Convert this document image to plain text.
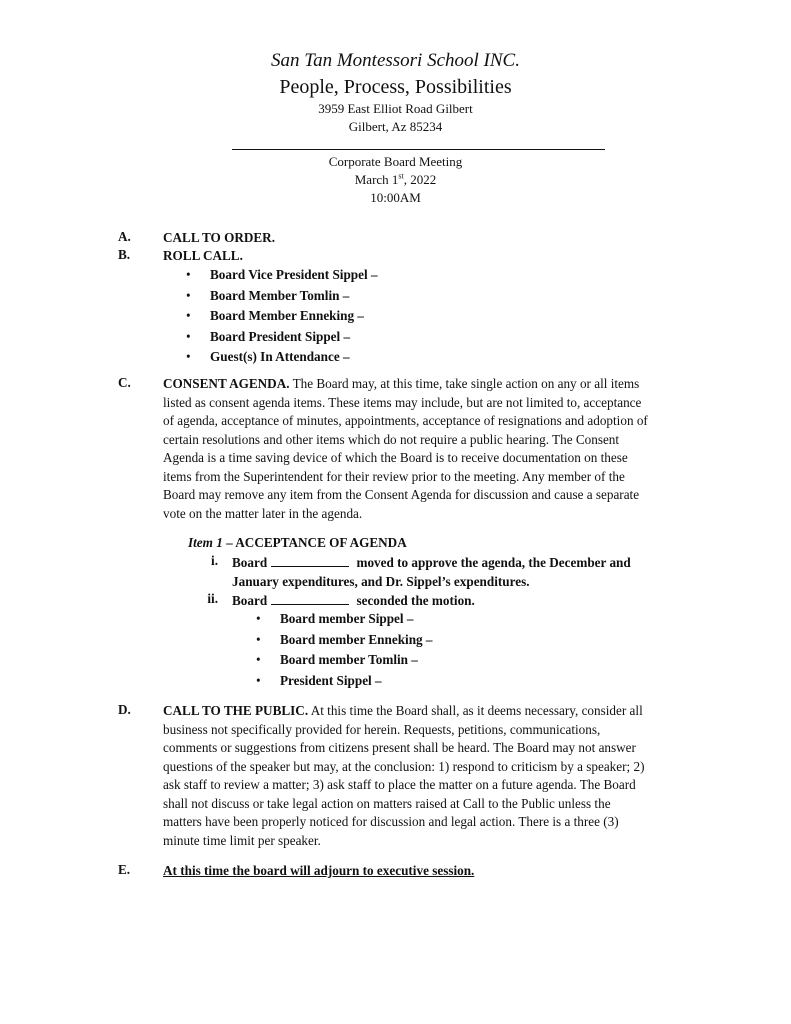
San Tan Montessori School INC.
People, Process, Possibilities
3959 East Elliot Road Gilbert
Gilbert, Az 85234
Corporate Board Meeting
March 1st, 2022
10:00AM
A. CALL TO ORDER.
B. ROLL CALL.
• Board Vice President Sippel –
• Board Member Tomlin –
• Board Member Enneking –
• Board President Sippel –
• Guest(s) In Attendance –
C. CONSENT AGENDA. The Board may, at this time, take single action on any or all items
listed as consent agenda items. These items may include, but are not limited to, acceptance
of agenda, acceptance of minutes, appointments, acceptance of resignations and adoption of
certain resolutions and other items which do not require a public hearing. The Consent
Agenda is a time saving device of which the Board is to receive documentation on these
items from the Superintendent for their review prior to the meeting. Any member of the
Board may remove any item from the Consent Agenda for discussion and cause a separate
vote on the matter later in the agenda.
Item 1 – ACCEPTANCE OF AGENDA
i. Board	moved to approve the agenda, the December and
January expenditures, and Dr. Sippel’s expenditures.
ii. Board	seconded the motion.
• Board member Sippel –
• Board member Enneking –
• Board member Tomlin –
• President Sippel –
D. CALL TO THE PUBLIC. At this time the Board shall, as it deems necessary, consider all
business not specifically provided for herein. Requests, petitions, communications,
comments or suggestions from citizens present shall be heard. The Board may not answer
questions of the speaker but may, at the conclusion: 1) respond to criticism by a speaker; 2)
ask staff to review a matter; 3) ask staff to place the matter on a future agenda. The Board
shall not discuss or take legal action on matters raised at Call to the Public unless the
matters have been properly noticed for discussion and legal action. There is a three (3)
minute time limit per speaker.
E. At this time the board will adjourn to executive session.
